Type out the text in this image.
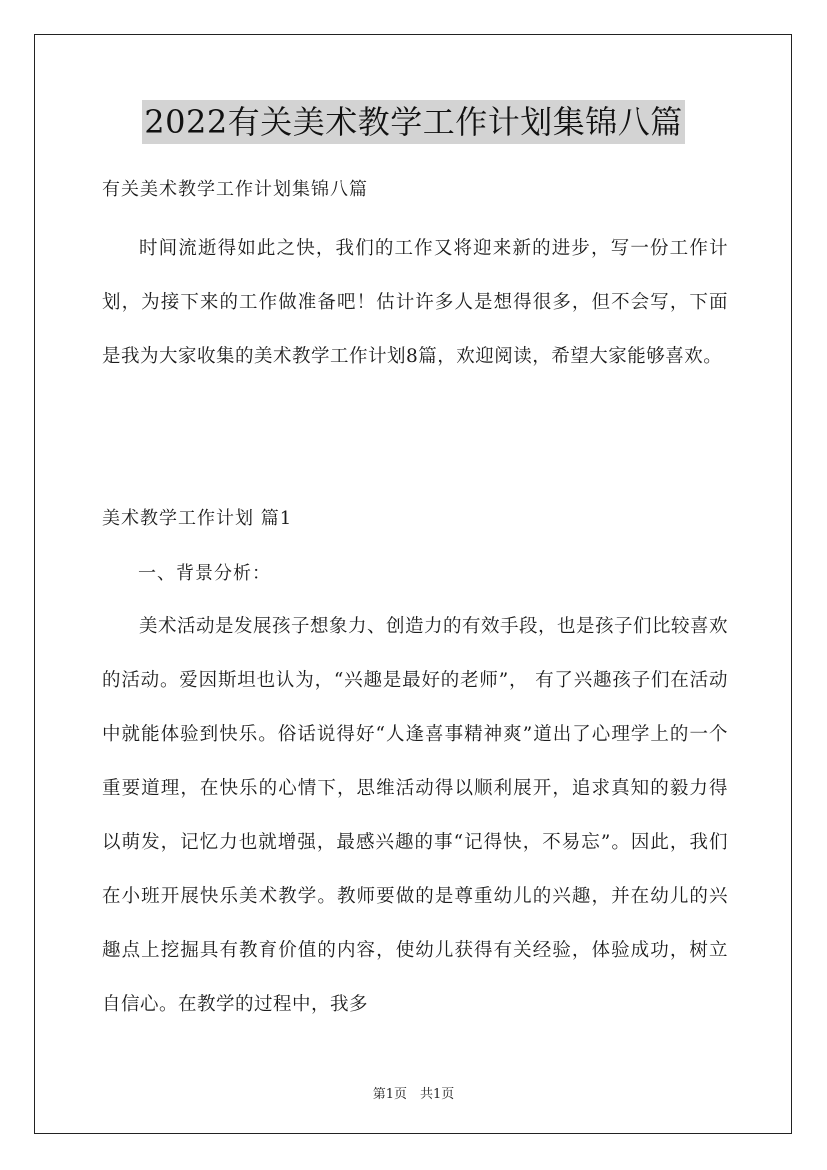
2022有关美术教学工作计划集锦八篇
有关美术教学工作计划集锦八篇

时间流逝得如此之快，我们的工作又将迎来新的进步，写一份工作计划，为接下来的工作做准备吧！估计许多人是想得很多，但不会写，下面是我为大家收集的美术教学工作计划8篇，欢迎阅读，希望大家能够喜欢。

美术教学工作计划 篇1
一、背景分析：

美术活动是发展孩子想象力、创造力的有效手段，也是孩子们比较喜欢的活动。爱因斯坦也认为，“兴趣是最好的老师”， 有了兴趣孩子们在活动中就能体验到快乐。俗话说得好“人逢喜事精神爽”道出了心理学上的一个重要道理，在快乐的心情下，思维活动得以顺利展开，追求真知的毅力得以萌发，记忆力也就增强，最感兴趣的事“记得快，不易忘”。因此，我们在小班开展快乐美术教学。教师要做的是尊重幼儿的兴趣，并在幼儿的兴趣点上挖掘具有教育价值的内容，使幼儿获得有关经验，体验成功，树立自信心。在教学的过程中，我多

第1页　共1页
